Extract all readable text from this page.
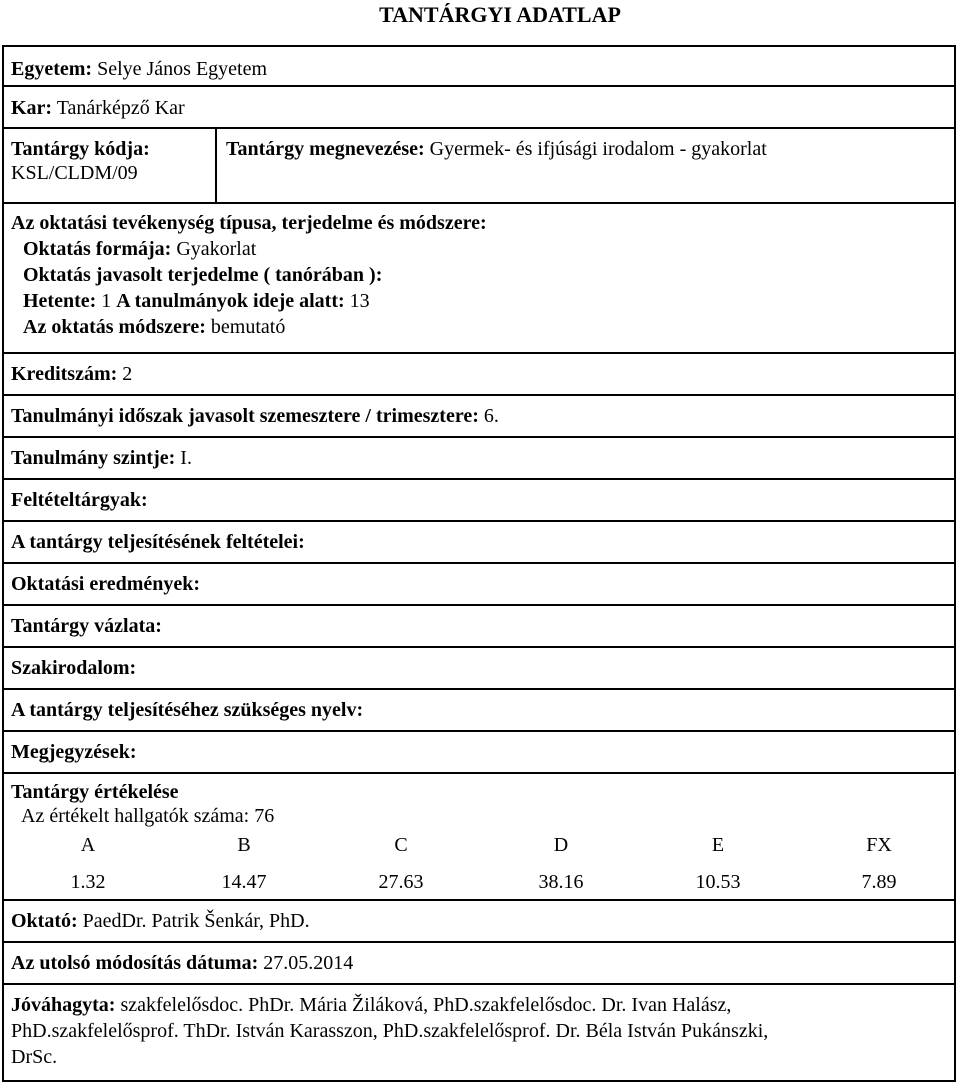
TANTÁRGYI ADATLAP
Egyetem: Selye János Egyetem
Kar: Tanárképző Kar
Tantárgy kódja:
KSL/CLDM/09
Tantárgy megnevezése: Gyermek- és ifjúsági irodalom - gyakorlat
Az oktatási tevékenység típusa, terjedelme és módszere:
Oktatás formája: Gyakorlat
Oktatás javasolt terjedelme ( tanórában ):
Hetente: 1 A tanulmányok ideje alatt: 13
Az oktatás módszere: bemutató
Kreditszám: 2
Tanulmányi időszak javasolt szemesztere / trimesztere: 6.
Tanulmány szintje: I.
Feltételtárgyak:
A tantárgy teljesítésének feltételei:
Oktatási eredmények:
Tantárgy vázlata:
Szakirodalom:
A tantárgy teljesítéséhez szükséges nyelv:
Megjegyzések:
Tantárgy értékelése
Az értékelt hallgatók száma: 76
A	B	C	D	E	FX
1.32	14.47	27.63	38.16	10.53	7.89
Oktató: PaedDr. Patrik Šenkár, PhD.
Az utolsó módosítás dátuma: 27.05.2014
Jóváhagyta: szakfelelősdoc. PhDr. Mária Žiláková, PhD.szakfelelősdoc. Dr. Ivan Halász,
PhD.szakfelelősprof. ThDr. István Karasszon, PhD.szakfelelősprof. Dr. Béla István Pukánszki,
DrSc.
